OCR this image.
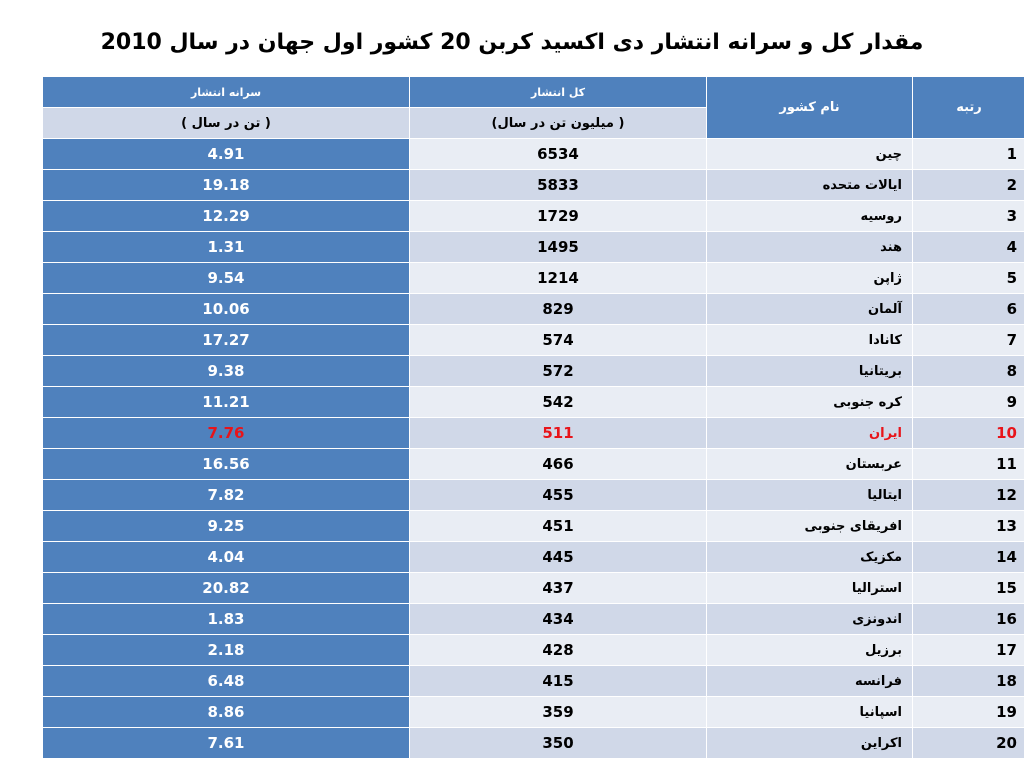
مقدار کل و سرانه انتشار دی اکسید کربن 20 کشور اول جهان در سال 2010
رتبه	نام کشور	کل انتشار	سرانه انتشار
		( میلیون تن در سال)	( تن در سال )
1	چین	6534	4.91
2	ایالات متحده	5833	19.18
3	روسیه	1729	12.29
4	هند	1495	1.31
5	ژاپن	1214	9.54
6	آلمان	829	10.06
7	کانادا	574	17.27
8	بریتانیا	572	9.38
9	کره جنوبی	542	11.21
10	ایران	511	7.76
11	عربستان	466	16.56
12	ایتالیا	455	7.82
13	افریقای جنوبی	451	9.25
14	مکزیک	445	4.04
15	استرالیا	437	20.82
16	اندونزی	434	1.83
17	برزیل	428	2.18
18	فرانسه	415	6.48
19	اسپانیا	359	8.86
20	اکراین	350	7.61
